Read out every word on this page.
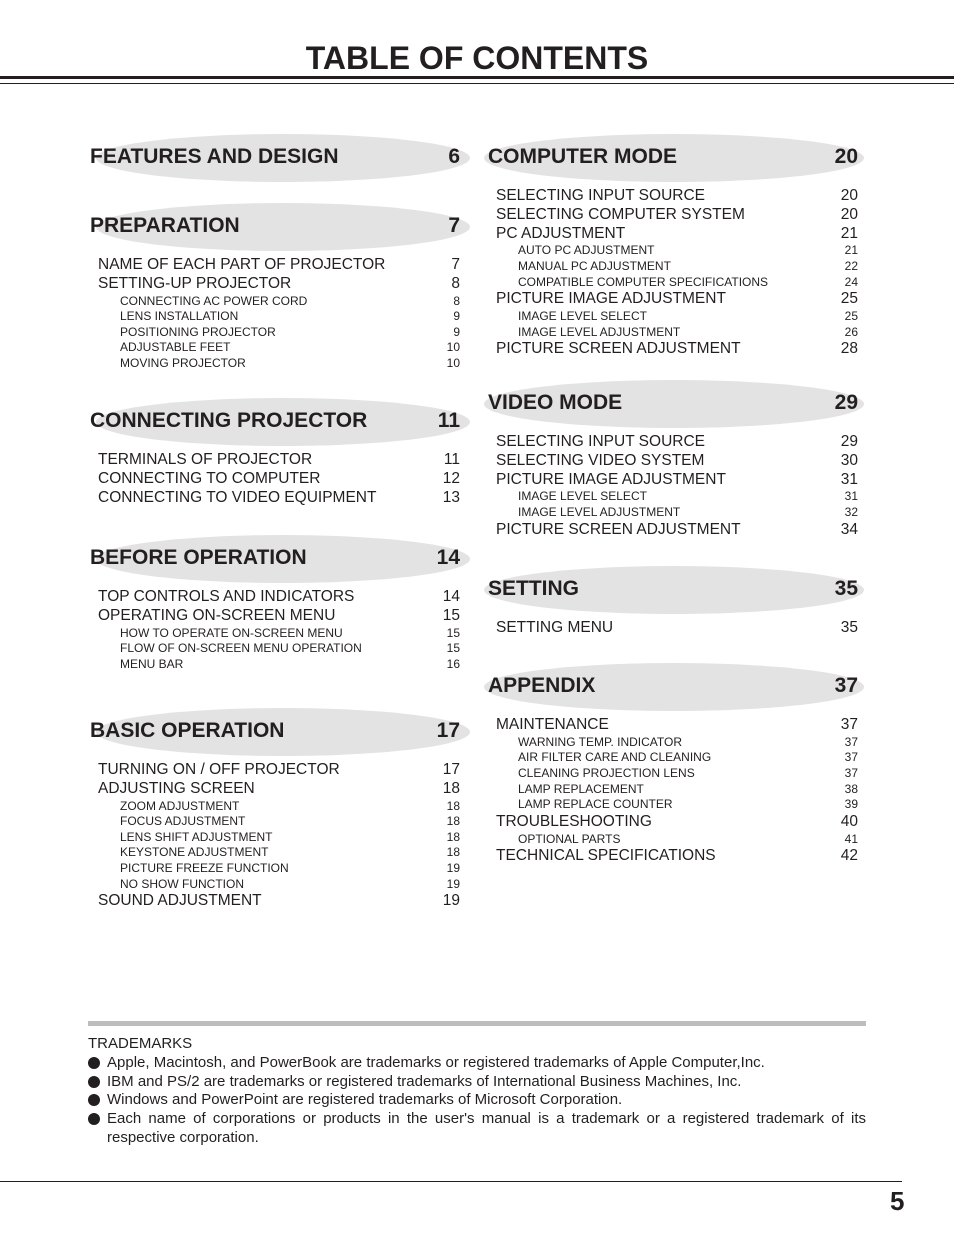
TABLE OF CONTENTS
FEATURES AND DESIGN	6
PREPARATION	7
NAME OF EACH PART OF PROJECTOR	7
SETTING-UP PROJECTOR	8
CONNECTING AC POWER CORD	8
LENS INSTALLATION	9
POSITIONING PROJECTOR	9
ADJUSTABLE FEET	10
MOVING PROJECTOR	10
CONNECTING PROJECTOR	11
TERMINALS OF PROJECTOR	11
CONNECTING TO COMPUTER	12
CONNECTING TO VIDEO EQUIPMENT	13
BEFORE OPERATION	14
TOP CONTROLS AND INDICATORS	14
OPERATING ON-SCREEN MENU	15
HOW TO OPERATE ON-SCREEN MENU	15
FLOW OF ON-SCREEN MENU OPERATION	15
MENU BAR	16
BASIC OPERATION	17
TURNING ON / OFF PROJECTOR	17
ADJUSTING SCREEN	18
ZOOM ADJUSTMENT	18
FOCUS ADJUSTMENT	18
LENS SHIFT ADJUSTMENT	18
KEYSTONE ADJUSTMENT	18
PICTURE FREEZE FUNCTION	19
NO SHOW FUNCTION	19
SOUND ADJUSTMENT	19
COMPUTER MODE	20
SELECTING INPUT SOURCE	20
SELECTING COMPUTER SYSTEM	20
PC ADJUSTMENT	21
AUTO PC ADJUSTMENT	21
MANUAL PC ADJUSTMENT	22
COMPATIBLE COMPUTER SPECIFICATIONS	24
PICTURE IMAGE ADJUSTMENT	25
IMAGE LEVEL SELECT	25
IMAGE LEVEL ADJUSTMENT	26
PICTURE SCREEN ADJUSTMENT	28
VIDEO MODE	29
SELECTING INPUT SOURCE	29
SELECTING VIDEO SYSTEM	30
PICTURE IMAGE ADJUSTMENT	31
IMAGE LEVEL SELECT	31
IMAGE LEVEL ADJUSTMENT	32
PICTURE SCREEN ADJUSTMENT	34
SETTING	35
SETTING MENU	35
APPENDIX	37
MAINTENANCE	37
WARNING TEMP. INDICATOR	37
AIR FILTER CARE AND CLEANING	37
CLEANING PROJECTION LENS	37
LAMP REPLACEMENT	38
LAMP REPLACE COUNTER	39
TROUBLESHOOTING	40
OPTIONAL PARTS	41
TECHNICAL SPECIFICATIONS	42
TRADEMARKS
Apple, Macintosh, and PowerBook are trademarks or registered trademarks of Apple Computer,Inc.
IBM and PS/2 are trademarks or registered trademarks of International Business Machines, Inc.
Windows and PowerPoint are registered trademarks of Microsoft Corporation.
Each name of corporations or products in the user's manual is a trademark or a registered trademark of its respective corporation.
5
